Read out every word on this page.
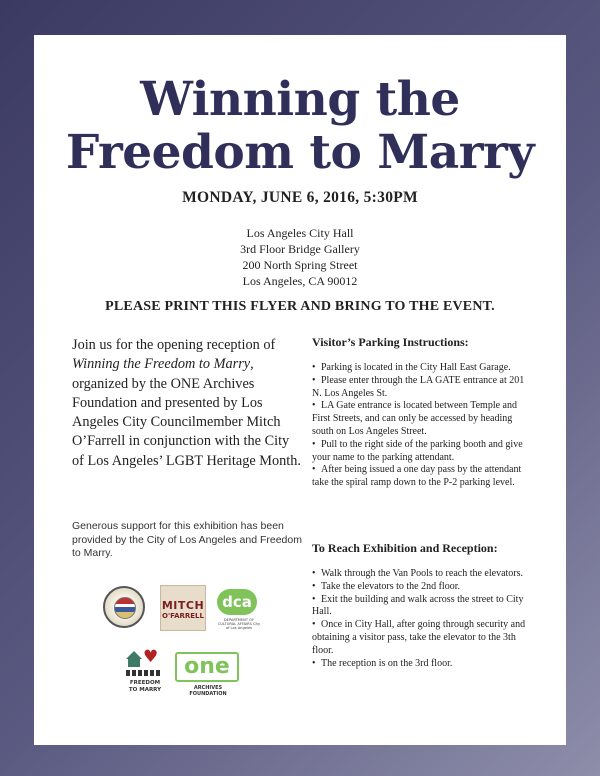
Winning the
Freedom to Marry
MONDAY, JUNE 6, 2016, 5:30PM
Los Angeles City Hall
3rd Floor Bridge Gallery
200 North Spring Street
Los Angeles, CA 90012
PLEASE PRINT THIS FLYER AND BRING TO THE EVENT.
Join us for the opening reception of Winning the Freedom to Marry, organized by the ONE Archives Foundation and presented by Los Angeles City Councilmember Mitch O’Farrell in conjunction with the City of Los Angeles’ LGBT Heritage Month.
Generous support for this exhibition has been provided by the City of Los Angeles and Freedom to Marry.
Visitor’s Parking Instructions:
• Parking is located in the City Hall East Garage.
• Please enter through the LA GATE entrance at 201 N. Los Angeles St.
• LA Gate entrance is located between Temple and First Streets, and can only be accessed by heading south on Los Angeles Street.
• Pull to the right side of the parking booth and give your name to the parking attendant.
• After being issued a one day pass by the attendant take the spiral ramp down to the P-2 parking level.
To Reach Exhibition and Reception:
• Walk through the Van Pools to reach the elevators.
• Take the elevators to the 2nd floor.
• Exit the building and walk across the street to City Hall.
• Once in City Hall, after going through security and obtaining a visitor pass, take the elevator to the 3th floor.
• The reception is on the 3rd floor.
MITCH
O'FARRELL
dca
DEPARTMENT OF CULTURAL AFFAIRS City of Los Angeles
♥
FREEDOM
TO MARRY
one
ARCHIVES FOUNDATION
